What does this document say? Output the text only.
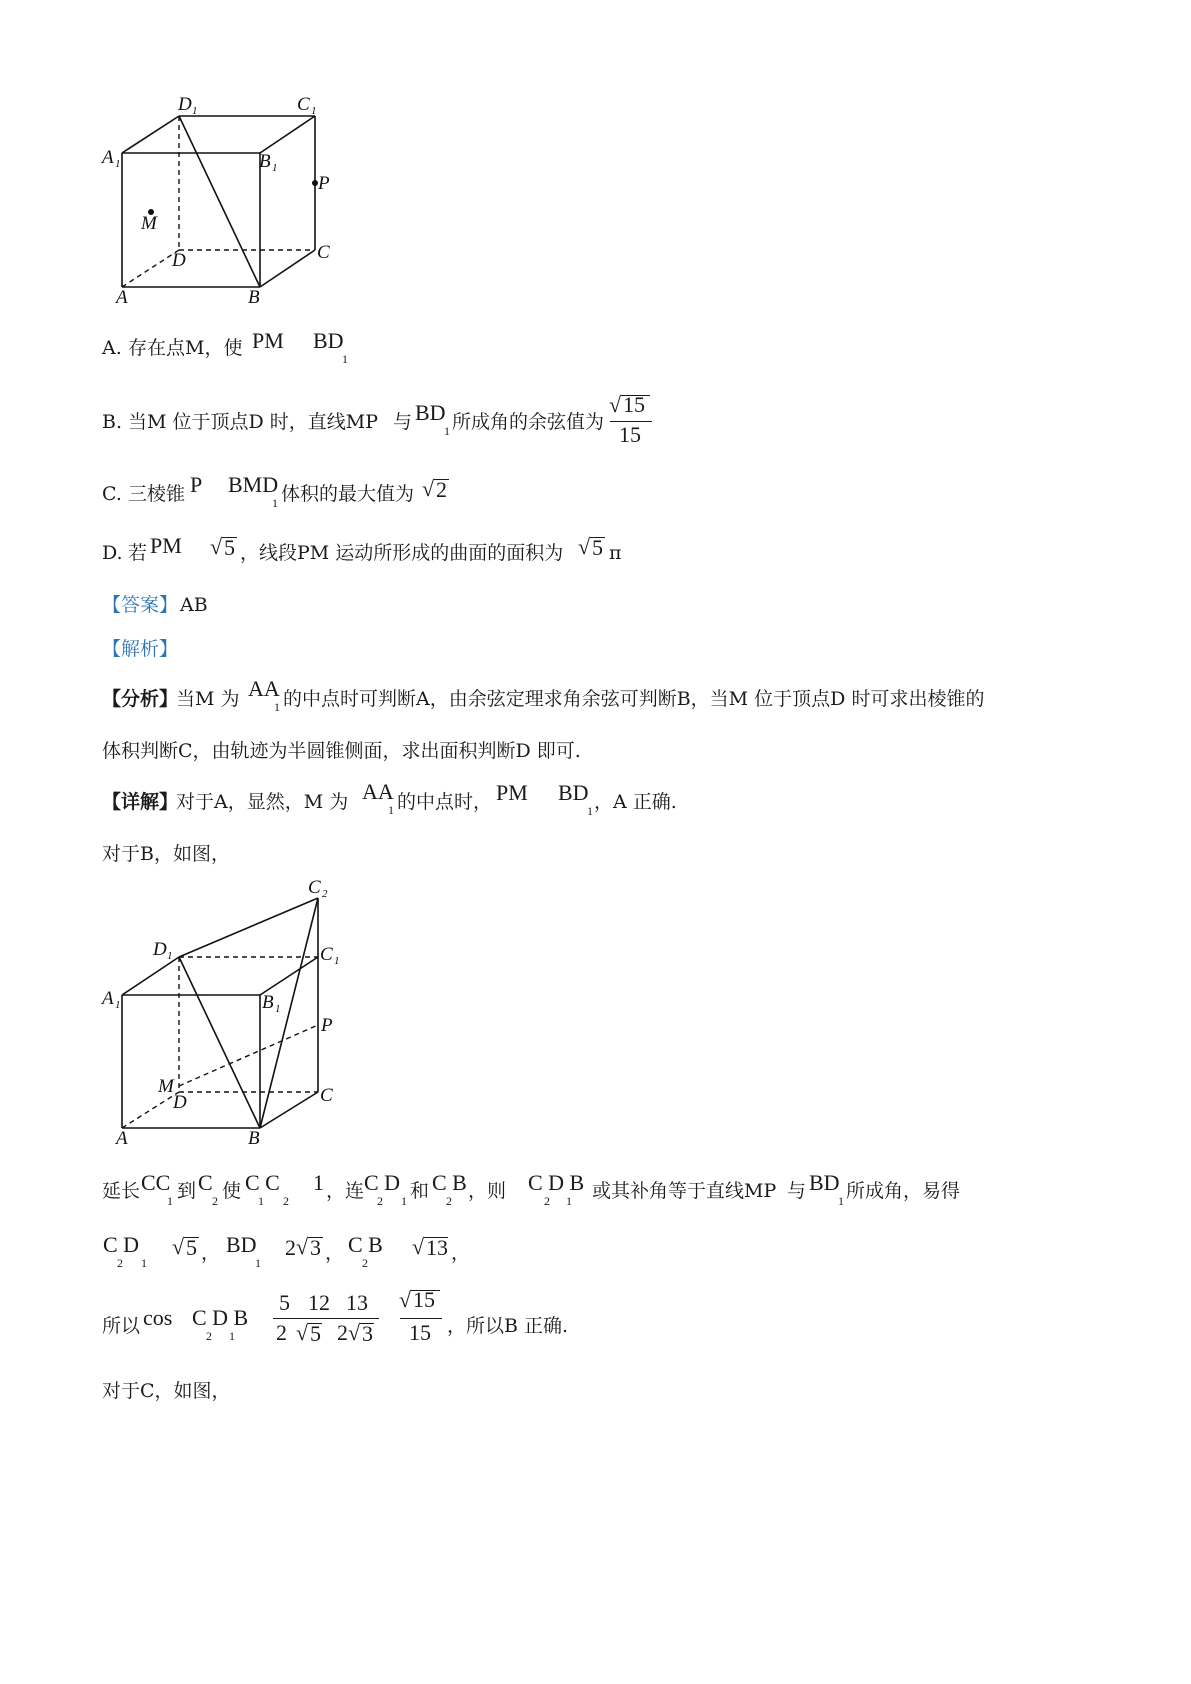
D 1	C 1
A 1	B 1
P
M
D	C
A	B
A. 存在点M，使 PM BD
1
B. 当M 位于顶点D 时，直线MP 与 BD
1 所成角的余弦值为
√ 15
15
C. 三棱锥 P BMD
1 体积的最大值为 √ 2
D. 若 PM √ 5 ，线段PM 运动所形成的曲面的面积为 √ 5 π
【答案】 AB
【解析】
【分析】
当M 为 AA
1 的中点时可判断A，由余弦定理求角余弦可判断B，当M 位于顶点D 时可求出棱锥的
体积判断C，由轨迹为半圆锥侧面，求出面积判断D 即可.
【详解】
对于A，显然，M 为 AA
1 的中点时， PM BD
1 ，A 正确.
对于B，如图，
C 2
D 1	C 1
A 1	B 1
P
M
D	C
A	B
延长 CC
1 到 C
2 使 C C
1 2
1 ，连 C D
2 1 和 C B
2 ，则 C D B
2 1 或其补角等于直线MP 与 BD
1 所成角，易得
C D
2 1
√ 5 ， BD
1
2 √ 3 ， C B
2
√ 13 ，
所以 cos C D B
2 1
5 12 13
2 √ 5 2 √ 3
√ 15
15 ，所以B 正确.
对于C，如图，
